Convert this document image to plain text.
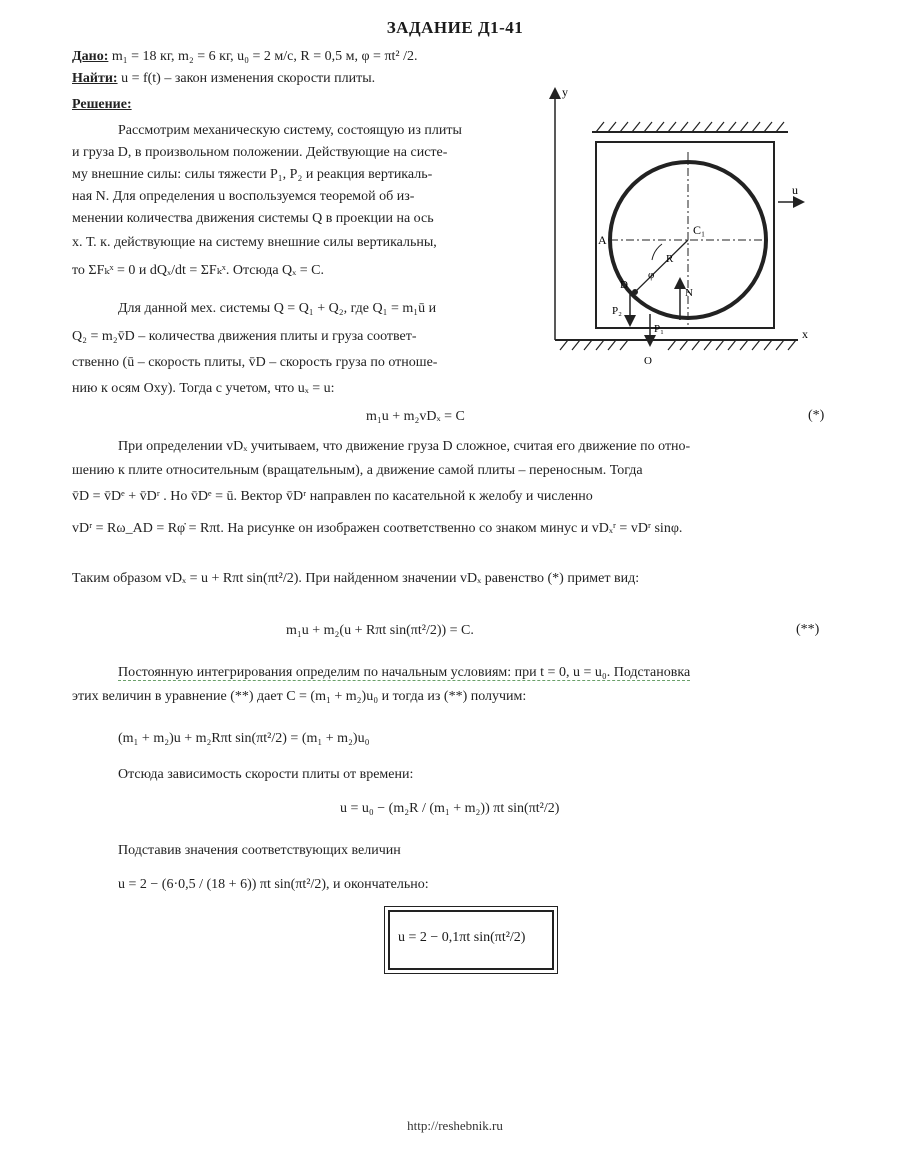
ЗАДАНИЕ Д1-41
Дано: m₁ = 18 кг, m₂ = 6 кг, u₀ = 2 м/с, R = 0,5 м, φ = πt² /2.
Найти: u = f(t) – закон изменения скорости плиты.
Решение:
Рассмотрим механическую систему, состоящую из плиты
и груза D, в произвольном положении. Действующие на систе-
му внешние силы: силы тяжести P₁, P₂ и реакция вертикаль-
ная N. Для определения u воспользуемся теоремой об из-
менении количества движения системы Q в проекции на ось
x. Т. к. действующие на систему внешние силы вертикальны,
то ΣFₖˣ = 0 и dQₓ/dt = ΣFₖˣ. Отсюда Qₓ = C.
Для данной мех. системы Q = Q₁ + Q₂, где Q₁ = m₁ū и
Q₂ = m₂v̄D – количества движения плиты и груза соответ-
ственно (ū – скорость плиты, v̄D – скорость груза по отноше-
нию к осям Oxy). Тогда с учетом, что uₓ = u:
m₁u + m₂vDₓ = C	(*)
При определении vDₓ учитываем, что движение груза D сложное, считая его движение по отно-
шению к плите относительным (вращательным), а движение самой плиты – переносным. Тогда
v̄D = v̄Dᵉ + v̄Dʳ . Но v̄Dᵉ = ū. Вектор v̄Dʳ направлен по касательной к желобу и численно
vDʳ = Rω_AD = Rφ̇ = Rπt. На рисунке он изображен соответственно со знаком минус и vDₓʳ = vDʳ sinφ.
Таким образом vDₓ = u + Rπt sin(πt²/2). При найденном значении vDₓ равенство (*) примет вид:
m₁u + m₂(u + Rπt sin(πt²/2)) = C.	(**)
Постоянную интегрирования определим по начальным условиям: при t = 0, u = u₀. Подстановка
этих величин в уравнение (**) дает C = (m₁ + m₂)u₀ и тогда из (**) получим:
(m₁ + m₂)u + m₂Rπt sin(πt²/2) = (m₁ + m₂)u₀
Отсюда зависимость скорости плиты от времени:
u = u₀ − (m₂R / (m₁ + m₂)) πt sin(πt²/2)
Подставив значения соответствующих величин
u = 2 − (6·0,5 / (18 + 6)) πt sin(πt²/2), и окончательно:
u = 2 − 0,1πt sin(πt²/2)
y
u
x
C₁
A
D
N
P₁
P₂
R
φ
O
http://reshebnik.ru
